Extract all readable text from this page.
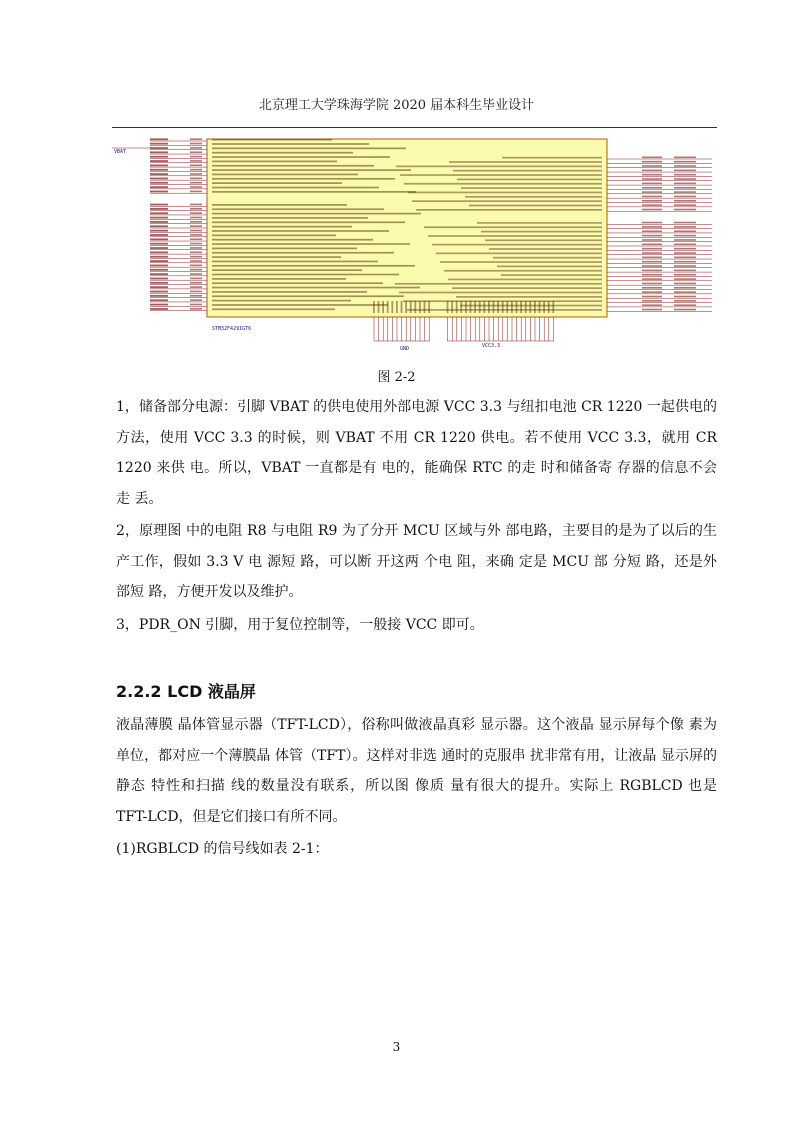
北京理工大学珠海学院 2020 届本科生毕业设计
STM32F429IGT6
GND	VCC3.3
VBAT
图 2-2

1，储备部分电源：引脚 VBAT 的供电使用外部电源 VCC 3.3 与纽扣电池 CR 1220 一起供电的方法，使用 VCC 3.3 的时候，则 VBAT 不用 CR 1220 供电。若不使用 VCC 3.3，就用 CR 1220 来供 电。所以，VBAT 一直都是有 电的，能确保 RTC 的走 时和储备寄 存器的信息不会走 丢。

2，原理图 中的电阻 R8 与电阻 R9 为了分开 MCU 区域与外 部电路，主要目的是为了以后的生产工作，假如 3.3 V 电 源短 路，可以断 开这两 个电 阻，来确 定是 MCU 部 分短 路，还是外 部短 路，方便开发以及维护。

3，PDR_ON 引脚，用于复位控制等，一般接 VCC 即可。

2.2.2 LCD 液晶屏

液晶薄膜 晶体管显示器（TFT-LCD），俗称叫做液晶真彩 显示器。这个液晶 显示屏每个像 素为单位，都对应一个薄膜晶 体管（TFT）。这样对非选 通时的克服串 扰非常有用，让液晶 显示屏的静态 特性和扫描 线的数量没有联系，所以图 像质 量有很大的提升。实际上 RGBLCD 也是 TFT-LCD，但是它们接口有所不同。

(1)RGBLCD 的信号线如表 2-1：

3
